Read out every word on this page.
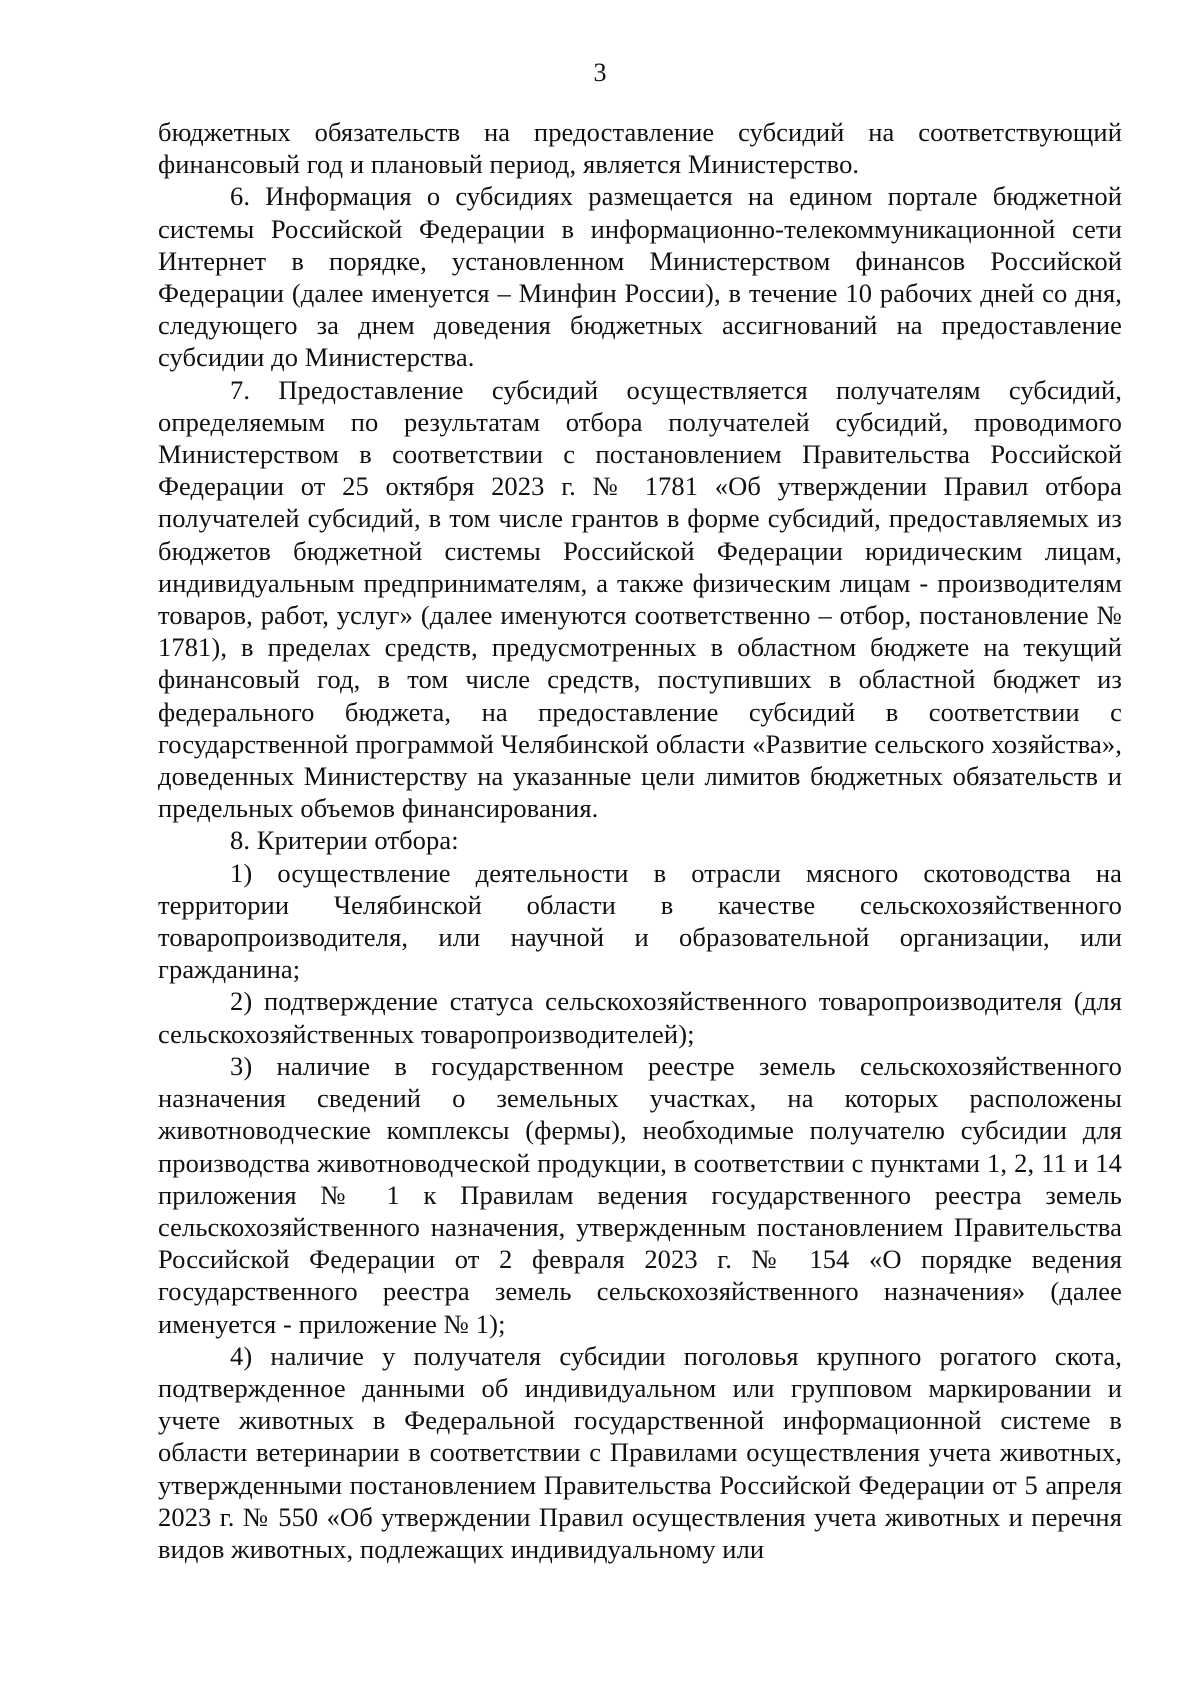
3

бюджетных обязательств на предоставление субсидий на соответствующий финансовый год и плановый период, является Министерство.

6. Информация о субсидиях размещается на едином портале бюджетной системы Российской Федерации в информационно-телекоммуникационной сети Интернет в порядке, установленном Министерством финансов Российской Федерации (далее именуется – Минфин России), в течение 10 рабочих дней со дня, следующего за днем доведения бюджетных ассигнований на предоставление субсидии до Министерства.

7. Предоставление субсидий осуществляется получателям субсидий, определяемым по результатам отбора получателей субсидий, проводимого Министерством в соответствии с постановлением Правительства Российской Федерации от 25 октября 2023 г. № 1781 «Об утверждении Правил отбора получателей субсидий, в том числе грантов в форме субсидий, предоставляемых из бюджетов бюджетной системы Российской Федерации юридическим лицам, индивидуальным предпринимателям, а также физическим лицам - производителям товаров, работ, услуг» (далее именуются соответственно – отбор, постановление № 1781), в пределах средств, предусмотренных в областном бюджете на текущий финансовый год, в том числе средств, поступивших в областной бюджет из федерального бюджета, на предоставление субсидий в соответствии с государственной программой Челябинской области «Развитие сельского хозяйства», доведенных Министерству на указанные цели лимитов бюджетных обязательств и предельных объемов финансирования.

8. Критерии отбора:

1) осуществление деятельности в отрасли мясного скотоводства на территории Челябинской области в качестве сельскохозяйственного товаропроизводителя, или научной и образовательной организации, или гражданина;

2) подтверждение статуса сельскохозяйственного товаропроизводителя (для сельскохозяйственных товаропроизводителей);

3) наличие в государственном реестре земель сельскохозяйственного назначения сведений о земельных участках, на которых расположены животноводческие комплексы (фермы), необходимые получателю субсидии для производства животноводческой продукции, в соответствии с пунктами 1, 2, 11 и 14 приложения № 1 к Правилам ведения государственного реестра земель сельскохозяйственного назначения, утвержденным постановлением Правительства Российской Федерации от 2 февраля 2023 г. № 154 «О порядке ведения государственного реестра земель сельскохозяйственного назначения» (далее именуется - приложение № 1);

4) наличие у получателя субсидии поголовья крупного рогатого скота, подтвержденное данными об индивидуальном или групповом маркировании и учете животных в Федеральной государственной информационной системе в области ветеринарии в соответствии с Правилами осуществления учета животных, утвержденными постановлением Правительства Российской Федерации от 5 апреля 2023 г. № 550 «Об утверждении Правил осуществления учета животных и перечня видов животных, подлежащих индивидуальному или
